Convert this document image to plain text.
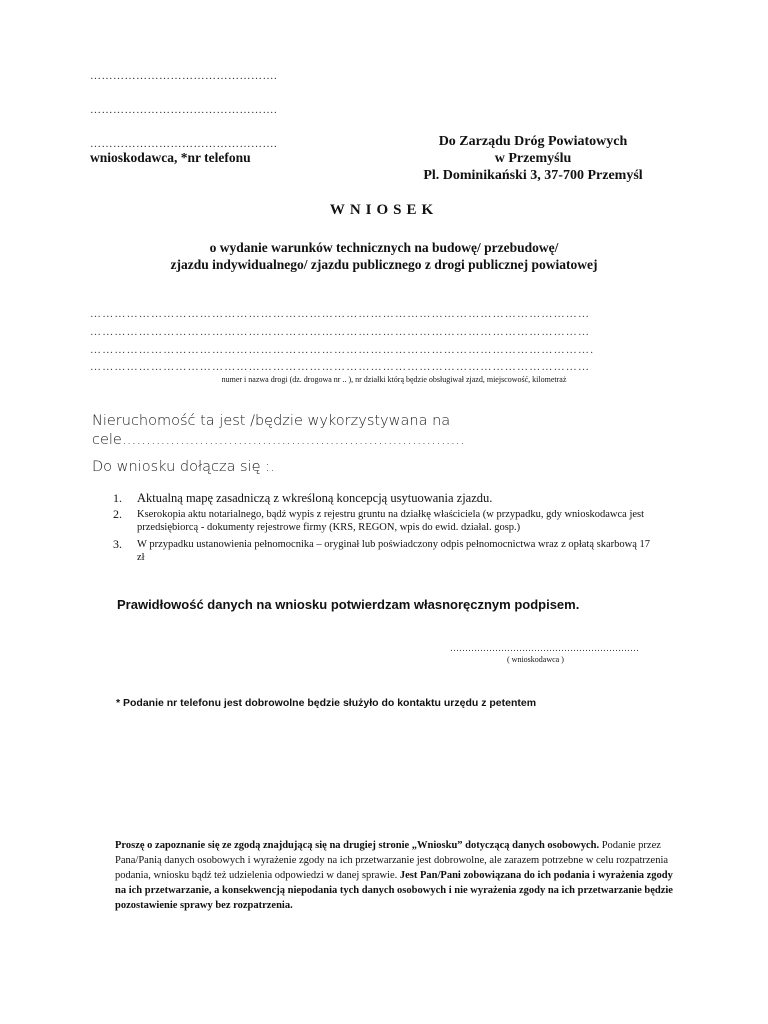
………………………………………….
………………………………………….
………………………………………….
wnioskodawca, *nr telefonu
Do Zarządu Dróg Powiatowych
w Przemyślu
Pl. Dominikański 3, 37-700 Przemyśl
WNIOSEK
o wydanie warunków technicznych na budowę/ przebudowę/
zjazdu indywidualnego/ zjazdu publicznego z drogi publicznej powiatowej
……………………………………………………………………………………………………………
……………………………………………………………………………………………………………
…………………………………………………………………………………………………………….
……………………………………………………………………………………………………………
numer i nazwa drogi (dz. drogowa nr .. ), nr działki którą będzie obsługiwał zjazd, miejscowość, kilometraż
Nieruchomość ta jest /będzie wykorzystywana na
cele……………………………………………………………..
Do wniosku dołącza się :.
1. Aktualną mapę zasadniczą z wkreśloną koncepcją usytuowania zjazdu.
2. Kserokopia aktu notarialnego, bądź wypis z rejestru gruntu na działkę właściciela (w przypadku, gdy wnioskodawca jest przedsiębiorcą - dokumenty rejestrowe firmy (KRS, REGON, wpis do ewid. działal. gosp.)
3. W przypadku ustanowienia pełnomocnika – oryginał lub poświadczony odpis pełnomocnictwa wraz z opłatą skarbową 17 zł
Prawidłowość danych na wniosku potwierdzam własnoręcznym podpisem.
………………………………………………………
( wnioskodawca )
* Podanie nr telefonu jest dobrowolne będzie służyło do kontaktu urzędu z petentem
Proszę o zapoznanie się ze zgodą znajdującą się na drugiej stronie „Wniosku” dotyczącą danych osobowych. Podanie przez Pana/Panią danych osobowych i wyrażenie zgody na ich przetwarzanie jest dobrowolne, ale zarazem potrzebne w celu rozpatrzenia podania, wniosku bądź też udzielenia odpowiedzi w danej sprawie. Jest Pan/Pani zobowiązana do ich podania i wyrażenia zgody na ich przetwarzanie, a konsekwencją niepodania tych danych osobowych i nie wyrażenia zgody na ich przetwarzanie będzie pozostawienie sprawy bez rozpatrzenia.
